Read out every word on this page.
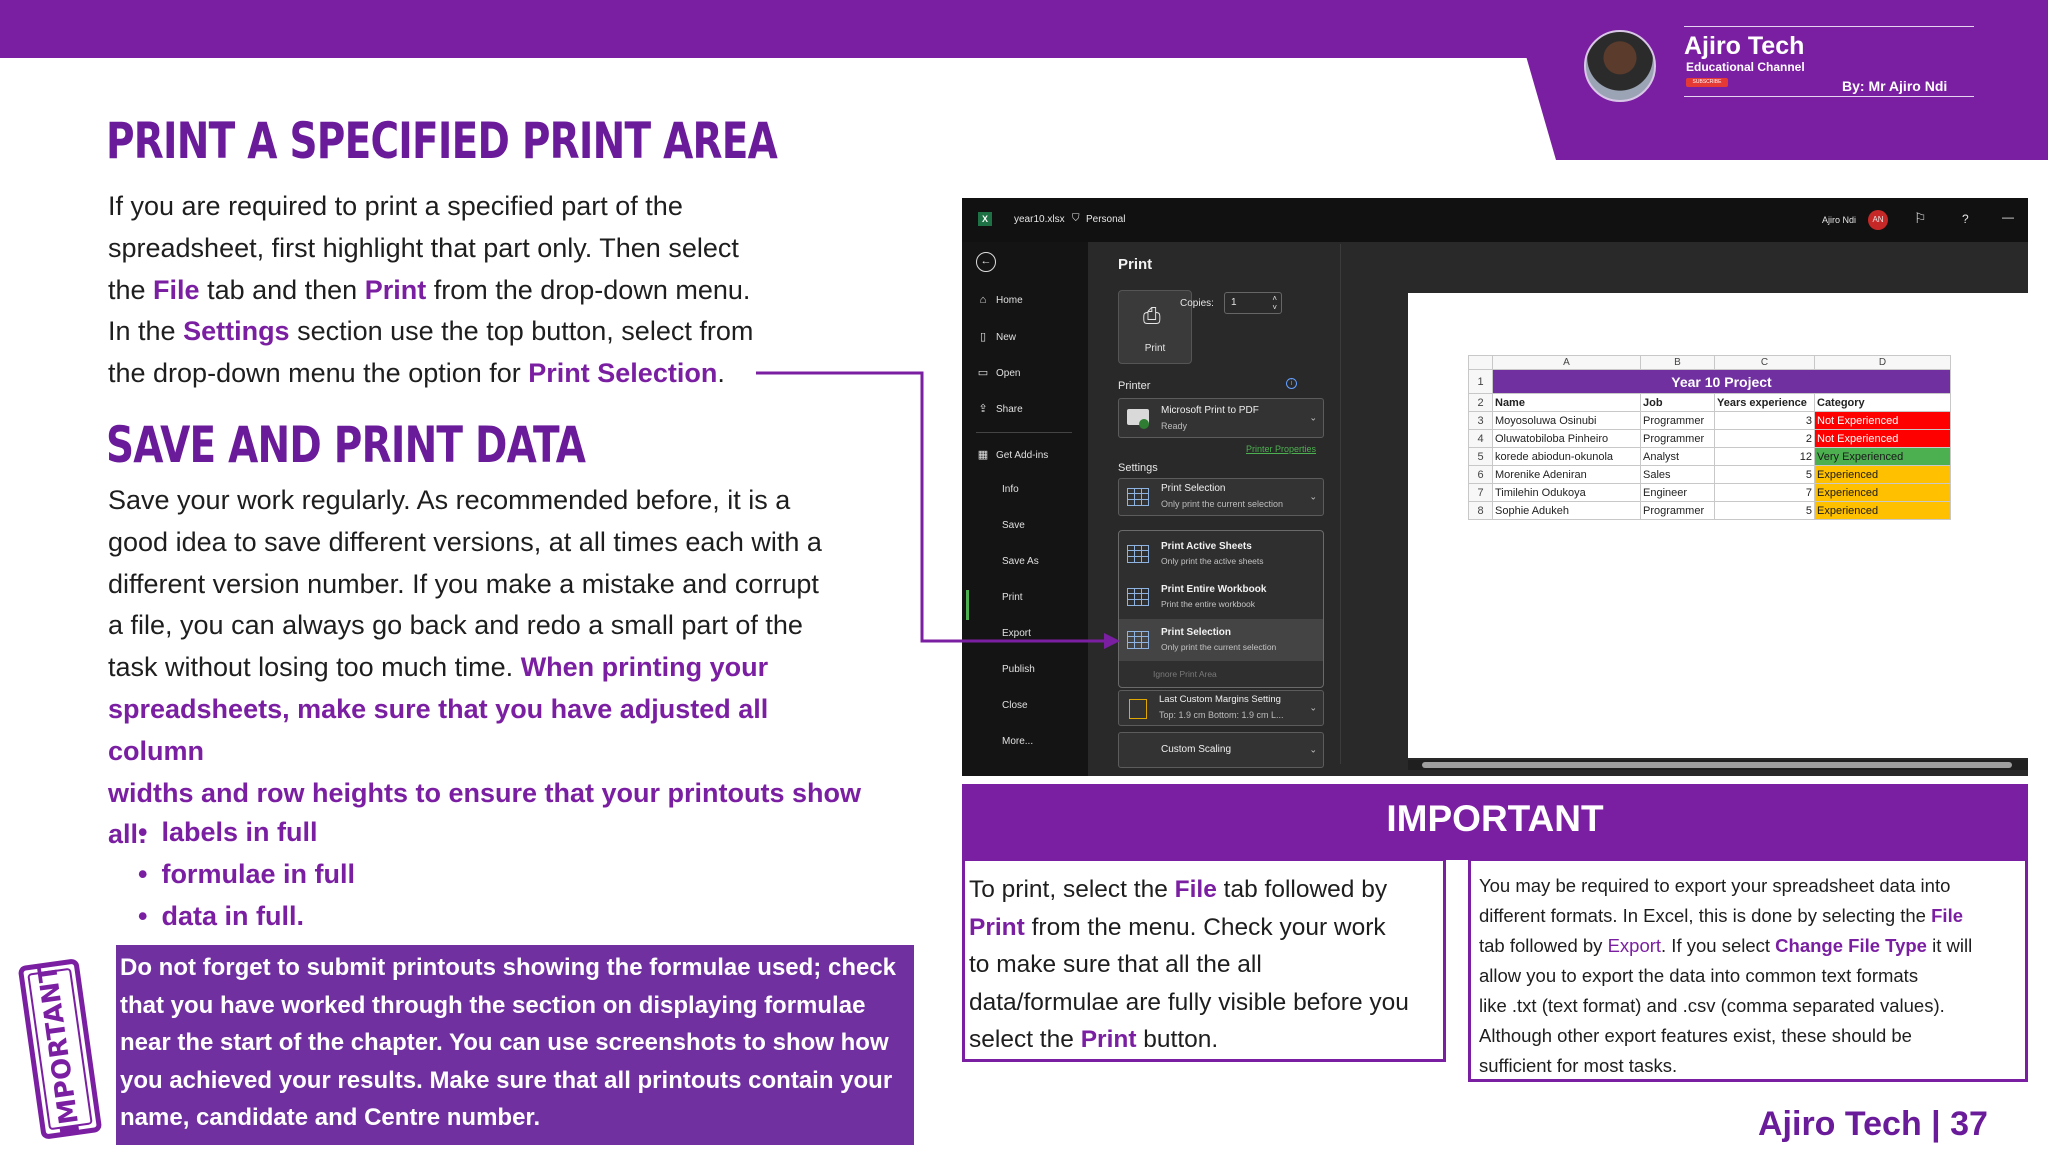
Ajiro Tech
Educational Channel
SUBSCRIBE	By: Mr Ajiro Ndi
PRINT A SPECIFIED PRINT AREA
If you are required to print a specified part of the
spreadsheet, first highlight that part only. Then select
the File tab and then Print from the drop-down menu.
In the Settings section use the top button, select from
the drop-down menu the option for Print Selection.
SAVE AND PRINT DATA
Save your work regularly. As recommended before, it is a
good idea to save different versions, at all times each with a
different version number. If you make a mistake and corrupt
a file, you can always go back and redo a small part of the
task without losing too much time. When printing your
spreadsheets, make sure that you have adjusted all column
widths and row heights to ensure that your printouts show
all: • labels in full
• formulae in full
• data in full.
IMPORTANT Do not forget to submit printouts showing the formulae used; check
that you have worked through the section on displaying formulae
near the start of the chapter. You can use screenshots to show how
you achieved your results. Make sure that all printouts contain your
name, candidate and Centre number.
X	year10.xlsx ⛉ Personal	Ajiro Ndi	AN	⚐	?	—
←
⌂ Home
▯ New
▭ Open
⇪ Share
▦ Get Add-ins
Info
Save
Save As
Print
Export
Publish
Close
More...
Print
⎙
Print
Copies:	1	˄
˅
Printer	i
Microsoft Print to PDF
Ready
⌄
Printer Properties
Settings
Print Selection
Only print the current selection
⌄
Print Active Sheets
Only print the active sheets
Print Entire Workbook
Print the entire workbook
Print Selection
Only print the current selection
Ignore Print Area
Last Custom Margins Setting
Top: 1.9 cm Bottom: 1.9 cm L...
⌄
Custom Scaling	⌄
	A	B	C	D
1	Year 10 Project			
2	Name	Job	Years experience	Category
3	Moyosoluwa Osinubi	Programmer	3	Not Experienced
4	Oluwatobiloba Pinheiro	Programmer	2	Not Experienced
5	korede abiodun-okunola	Analyst	12	Very Experienced
6	Morenike Adeniran	Sales	5	Experienced
7	Timilehin Odukoya	Engineer	7	Experienced
8	Sophie Adukeh	Programmer	5	Experienced
IMPORTANT
To print, select the File tab followed by
Print from the menu. Check your work
to make sure that all the all
data/formulae are fully visible before you
select the Print button.
You may be required to export your spreadsheet data into
different formats. In Excel, this is done by selecting the File
tab followed by Export. If you select Change File Type it will
allow you to export the data into common text formats
like .txt (text format) and .csv (comma separated values).
Although other export features exist, these should be
sufficient for most tasks.
Ajiro Tech | 37
